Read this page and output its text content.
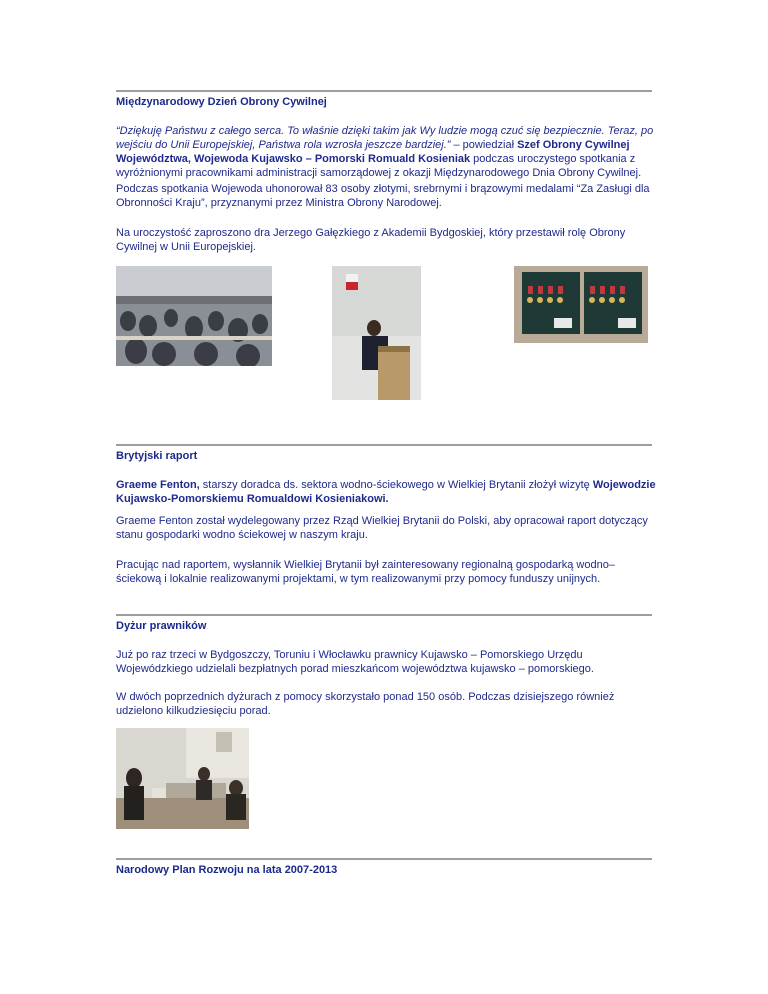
Międzynarodowy Dzień Obrony Cywilnej
“Dziękuję Państwu z całego serca. To właśnie dzięki takim jak Wy ludzie mogą czuć się bezpiecznie. Teraz, po wejściu do Unii Europejskiej, Państwa rola wzrosła jeszcze bardziej.” – powiedział Szef Obrony Cywilnej Województwa, Wojewoda Kujawsko – Pomorski Romuald Kosieniak podczas uroczystego spotkania z wyróżnionymi pracownikami administracji samorządowej z okazji Międzynarodowego Dnia Obrony Cywilnej.
Podczas spotkania Wojewoda uhonorował 83 osoby złotymi, srebrnymi i brązowymi medalami “Za Zasługi dla Obronności Kraju”, przyznanymi przez Ministra Obrony Narodowej.
Na uroczystość zaproszono dra Jerzego Gałęzkiego z Akademii Bydgoskiej, który przestawił rolę Obrony Cywilnej w Unii Europejskiej.
Brytyjski raport
Graeme Fenton, starszy doradca ds. sektora wodno-ściekowego w Wielkiej Brytanii złożył wizytę Wojewodzie Kujawsko-Pomorskiemu Romualdowi Kosieniakowi.
Graeme Fenton został wydelegowany przez Rząd Wielkiej Brytanii do Polski, aby opracował raport dotyczący stanu gospodarki wodno ściekowej w naszym kraju.
Pracując nad raportem, wysłannik Wielkiej Brytanii był zainteresowany regionalną gospodarką wodno–ściekową i lokalnie realizowanymi projektami, w tym realizowanymi przy pomocy funduszy unijnych.
Dyżur prawników
Już po raz trzeci w Bydgoszczy, Toruniu i Włocławku prawnicy Kujawsko – Pomorskiego Urzędu Wojewódzkiego udzielali bezpłatnych porad mieszkańcom województwa kujawsko – pomorskiego.
W dwóch poprzednich dyżurach z pomocy skorzystało ponad 150 osób. Podczas dzisiejszego również udzielono kilkudziesięciu porad.
Narodowy Plan Rozwoju na lata 2007-2013
